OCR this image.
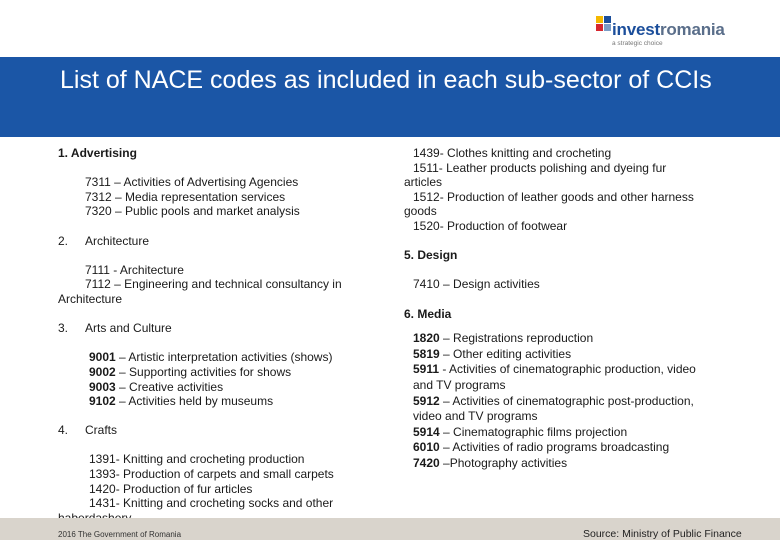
investromania
a strategic choice
List of NACE codes as included in each sub-sector of CCIs

1. Advertising

7311 – Activities of Advertising Agencies

7312 – Media representation services

7320 – Public pools and market analysis

2. Architecture

7111 - Architecture

7112 – Engineering and technical consultancy in

Architecture

3. Arts and Culture

9001 – Artistic interpretation activities (shows)

9002 – Supporting activities for shows

9003 – Creative activities

9102 – Activities held by museums

4. Crafts

1391- Knitting and crocheting production

1393- Production of carpets and small carpets

1420- Production of fur articles

1431- Knitting and crocheting socks and other

1439- Clothes knitting and crocheting

1511- Leather products polishing and dyeing fur

articles

1512- Production of leather goods and other harness

goods

1520- Production of footwear

5. Design

7410 – Design activities

6. Media

1820 – Registrations reproduction

5819 – Other editing activities

5911 - Activities of cinematographic production, video

and TV programs

5912 – Activities of cinematographic post-production,

video and TV programs

5914 – Cinematographic films projection

6010 – Activities of radio programs broadcasting

7420 –Photography activities

2016 The Government of Romania	Source: Ministry of Public Finance
